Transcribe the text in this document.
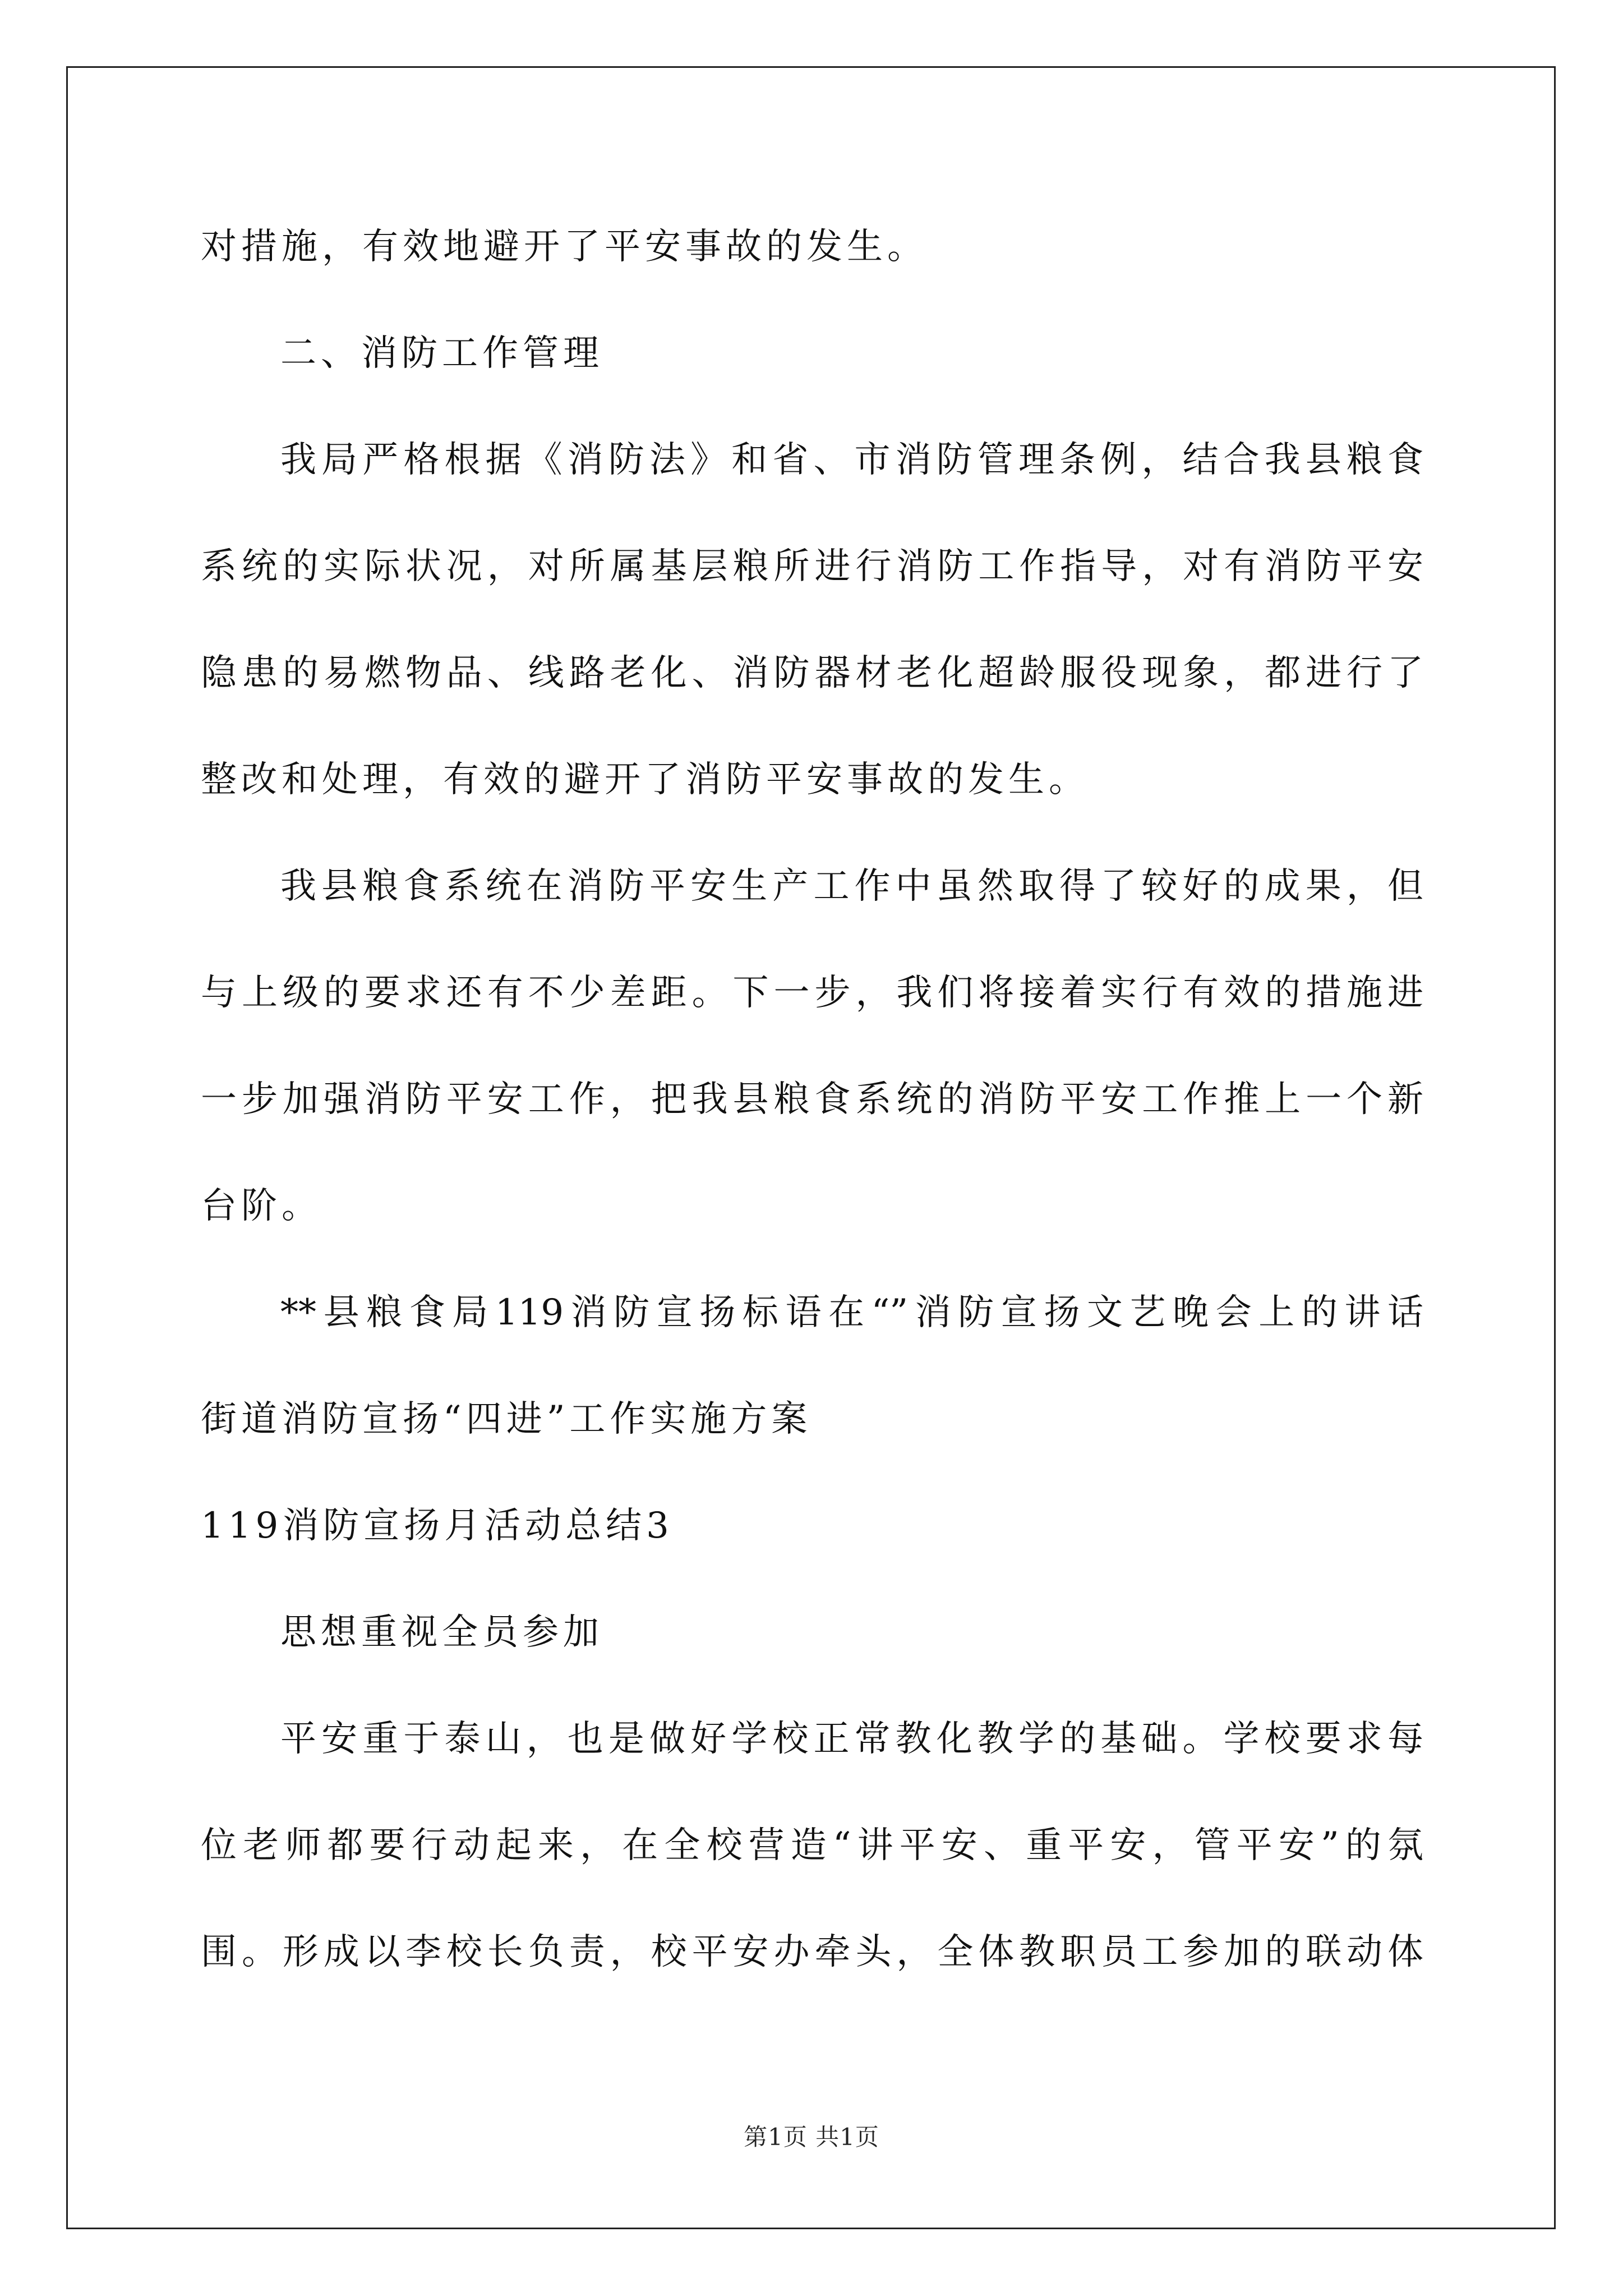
对措施，有效地避开了平安事故的发生。
二、消防工作管理
我局严格根据《消防法》和省、市消防管理条例，结合我县粮食
系统的实际状况，对所属基层粮所进行消防工作指导，对有消防平安
隐患的易燃物品、线路老化、消防器材老化超龄服役现象，都进行了
整改和处理，有效的避开了消防平安事故的发生。
我县粮食系统在消防平安生产工作中虽然取得了较好的成果，但
与上级的要求还有不少差距。下一步，我们将接着实行有效的措施进
一步加强消防平安工作，把我县粮食系统的消防平安工作推上一个新
台阶。
**县粮食局119消防宣扬标语在“”消防宣扬文艺晚会上的讲话
街道消防宣扬“四进”工作实施方案
119消防宣扬月活动总结3
思想重视全员参加
平安重于泰山，也是做好学校正常教化教学的基础。学校要求每
位老师都要行动起来，在全校营造“讲平安、重平安，管平安”的氛
围。形成以李校长负责，校平安办牵头，全体教职员工参加的联动体
第1页 共1页
